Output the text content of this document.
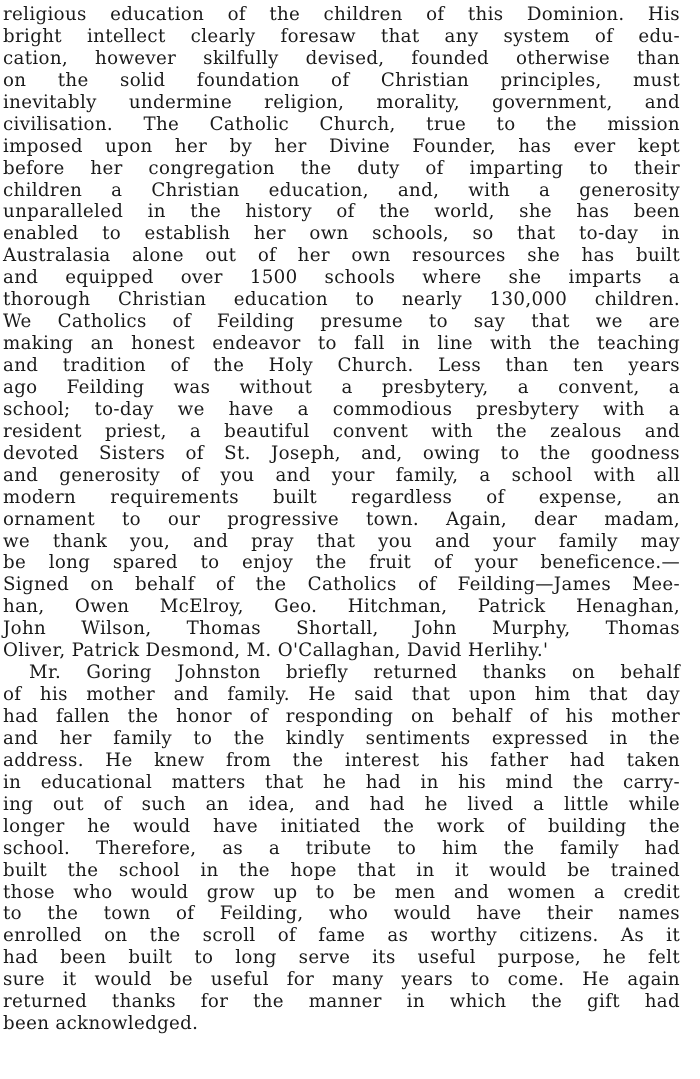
religious education of the children of this Dominion. His
bright intellect clearly foresaw that any system of edu-
cation, however skilfully devised, founded otherwise than
on the solid foundation of Christian principles, must
inevitably undermine religion, morality, government, and
civilisation. The Catholic Church, true to the mission
imposed upon her by her Divine Founder, has ever kept
before her congregation the duty of imparting to their
children a Christian education, and, with a generosity
unparalleled in the history of the world, she has been
enabled to establish her own schools, so that to-day in
Australasia alone out of her own resources she has built
and equipped over 1500 schools where she imparts a
thorough Christian education to nearly 130,000 children.
We Catholics of Feilding presume to say that we are
making an honest endeavor to fall in line with the teaching
and tradition of the Holy Church. Less than ten years
ago Feilding was without a presbytery, a convent, a
school; to-day we have a commodious presbytery with a
resident priest, a beautiful convent with the zealous and
devoted Sisters of St. Joseph, and, owing to the goodness
and generosity of you and your family, a school with all
modern requirements built regardless of expense, an
ornament to our progressive town. Again, dear madam,
we thank you, and pray that you and your family may
be long spared to enjoy the fruit of your beneficence.—
Signed on behalf of the Catholics of Feilding—James Mee-
han, Owen McElroy, Geo. Hitchman, Patrick Henaghan,
John Wilson, Thomas Shortall, John Murphy, Thomas
Oliver, Patrick Desmond, M. O'Callaghan, David Herlihy.'
Mr. Goring Johnston briefly returned thanks on behalf
of his mother and family. He said that upon him that day
had fallen the honor of responding on behalf of his mother
and her family to the kindly sentiments expressed in the
address. He knew from the interest his father had taken
in educational matters that he had in his mind the carry-
ing out of such an idea, and had he lived a little while
longer he would have initiated the work of building the
school. Therefore, as a tribute to him the family had
built the school in the hope that in it would be trained
those who would grow up to be men and women a credit
to the town of Feilding, who would have their names
enrolled on the scroll of fame as worthy citizens. As it
had been built to long serve its useful purpose, he felt
sure it would be useful for many years to come. He again
returned thanks for the manner in which the gift had
been acknowledged.
